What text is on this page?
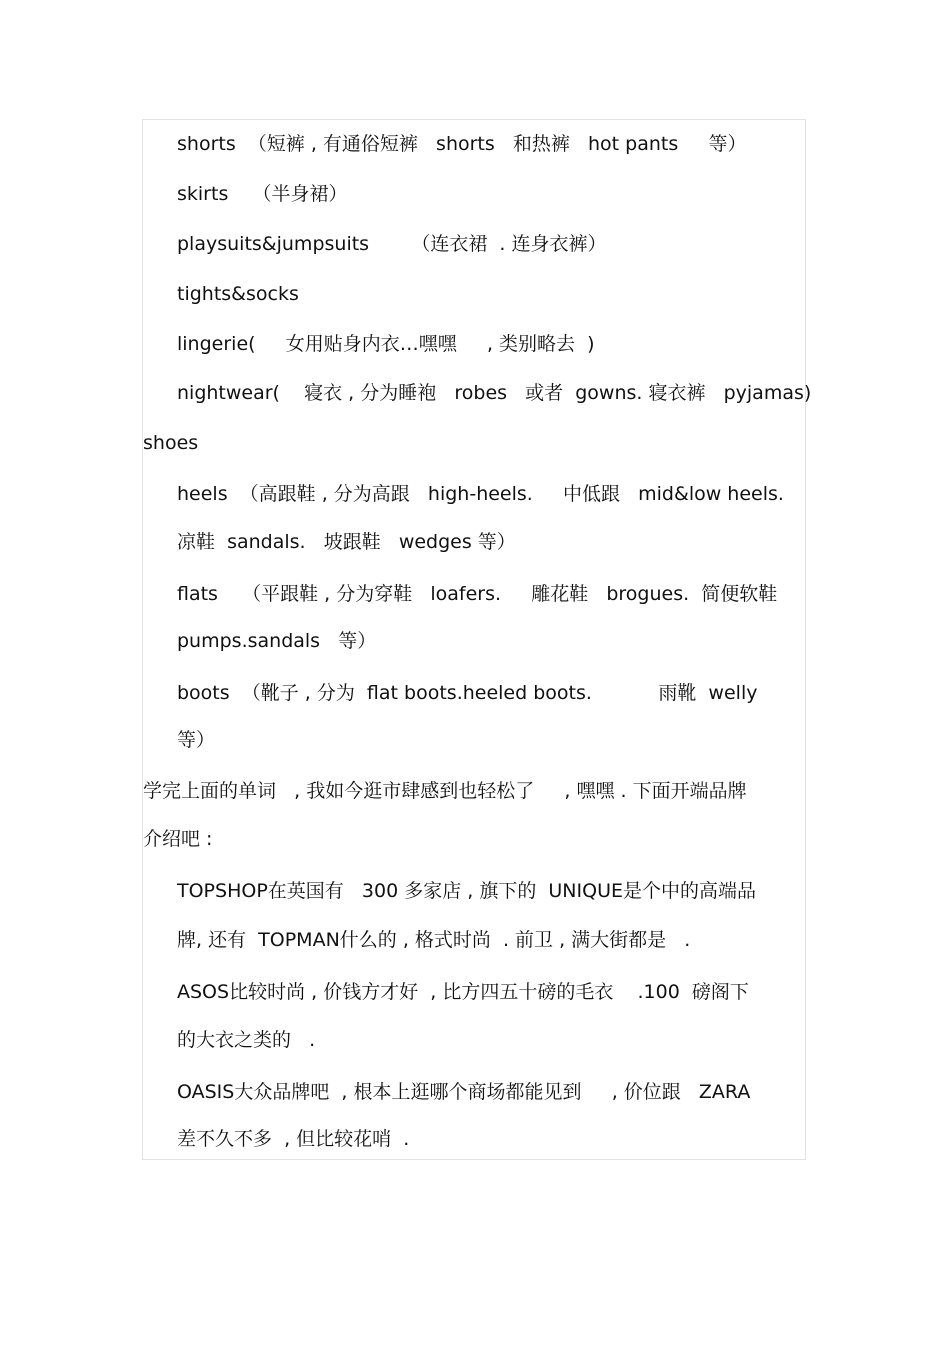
shorts  （短裤 , 有通俗短裤   shorts   和热裤   hot pants     等）
skirts    （半身裙）
playsuits&jumpsuits       （连衣裙  . 连身衣裤）
tights&socks
lingerie(     女用贴身内衣…嘿嘿     , 类别略去  )
nightwear(    寝衣 , 分为睡袍   robes   或者  gowns. 寝衣裤   pyjamas)
shoes
heels  （高跟鞋 , 分为高跟   high-heels.     中低跟   mid&low heels.
凉鞋  sandals.   坡跟鞋   wedges 等）
flats    （平跟鞋 , 分为穿鞋   loafers.     雕花鞋   brogues.  简便软鞋
pumps.sandals   等）
boots  （靴子 , 分为  flat boots.heeled boots.           雨靴  welly
等）
学完上面的单词   , 我如今逛市肆感到也轻松了     , 嘿嘿 . 下面开端品牌
介绍吧 :
TOPSHOP在英国有   300 多家店 , 旗下的  UNIQUE是个中的高端品
牌, 还有  TOPMAN什么的 , 格式时尚  . 前卫 , 满大街都是   .
ASOS比较时尚 , 价钱方才好  , 比方四五十磅的毛衣    .100  磅阁下
的大衣之类的   .
OASIS大众品牌吧  , 根本上逛哪个商场都能见到     , 价位跟   ZARA
差不久不多  , 但比较花哨  .
